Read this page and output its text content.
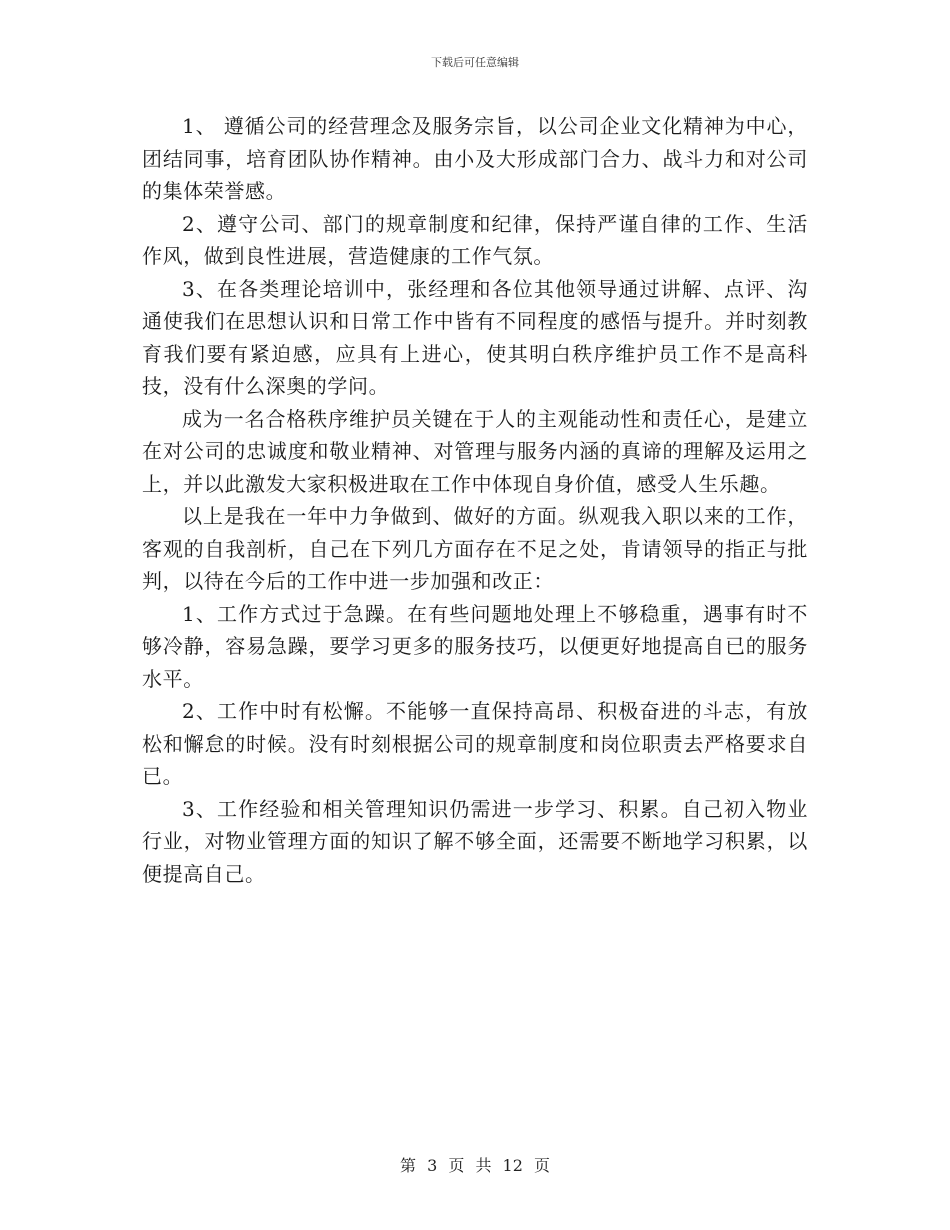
下载后可任意编辑

1、 遵循公司的经营理念及服务宗旨，以公司企业文化精神为中心，团结同事，培育团队协作精神。由小及大形成部门合力、战斗力和对公司的集体荣誉感。

2、遵守公司、部门的规章制度和纪律，保持严谨自律的工作、生活作风，做到良性进展，营造健康的工作气氛。

3、在各类理论培训中，张经理和各位其他领导通过讲解、点评、沟通使我们在思想认识和日常工作中皆有不同程度的感悟与提升。并时刻教育我们要有紧迫感，应具有上进心，使其明白秩序维护员工作不是高科技，没有什么深奥的学问。

成为一名合格秩序维护员关键在于人的主观能动性和责任心，是建立在对公司的忠诚度和敬业精神、对管理与服务内涵的真谛的理解及运用之上，并以此激发大家积极进取在工作中体现自身价值，感受人生乐趣。

以上是我在一年中力争做到、做好的方面。纵观我入职以来的工作，客观的自我剖析，自己在下列几方面存在不足之处，肯请领导的指正与批判，以待在今后的工作中进一步加强和改正：

1、工作方式过于急躁。在有些问题地处理上不够稳重，遇事有时不够冷静，容易急躁，要学习更多的服务技巧，以便更好地提高自已的服务水平。

2、工作中时有松懈。不能够一直保持高昂、积极奋进的斗志，有放松和懈怠的时候。没有时刻根据公司的规章制度和岗位职责去严格要求自已。

3、工作经验和相关管理知识仍需进一步学习、积累。自己初入物业行业，对物业管理方面的知识了解不够全面，还需要不断地学习积累，以便提高自己。

第 3 页 共 12 页
